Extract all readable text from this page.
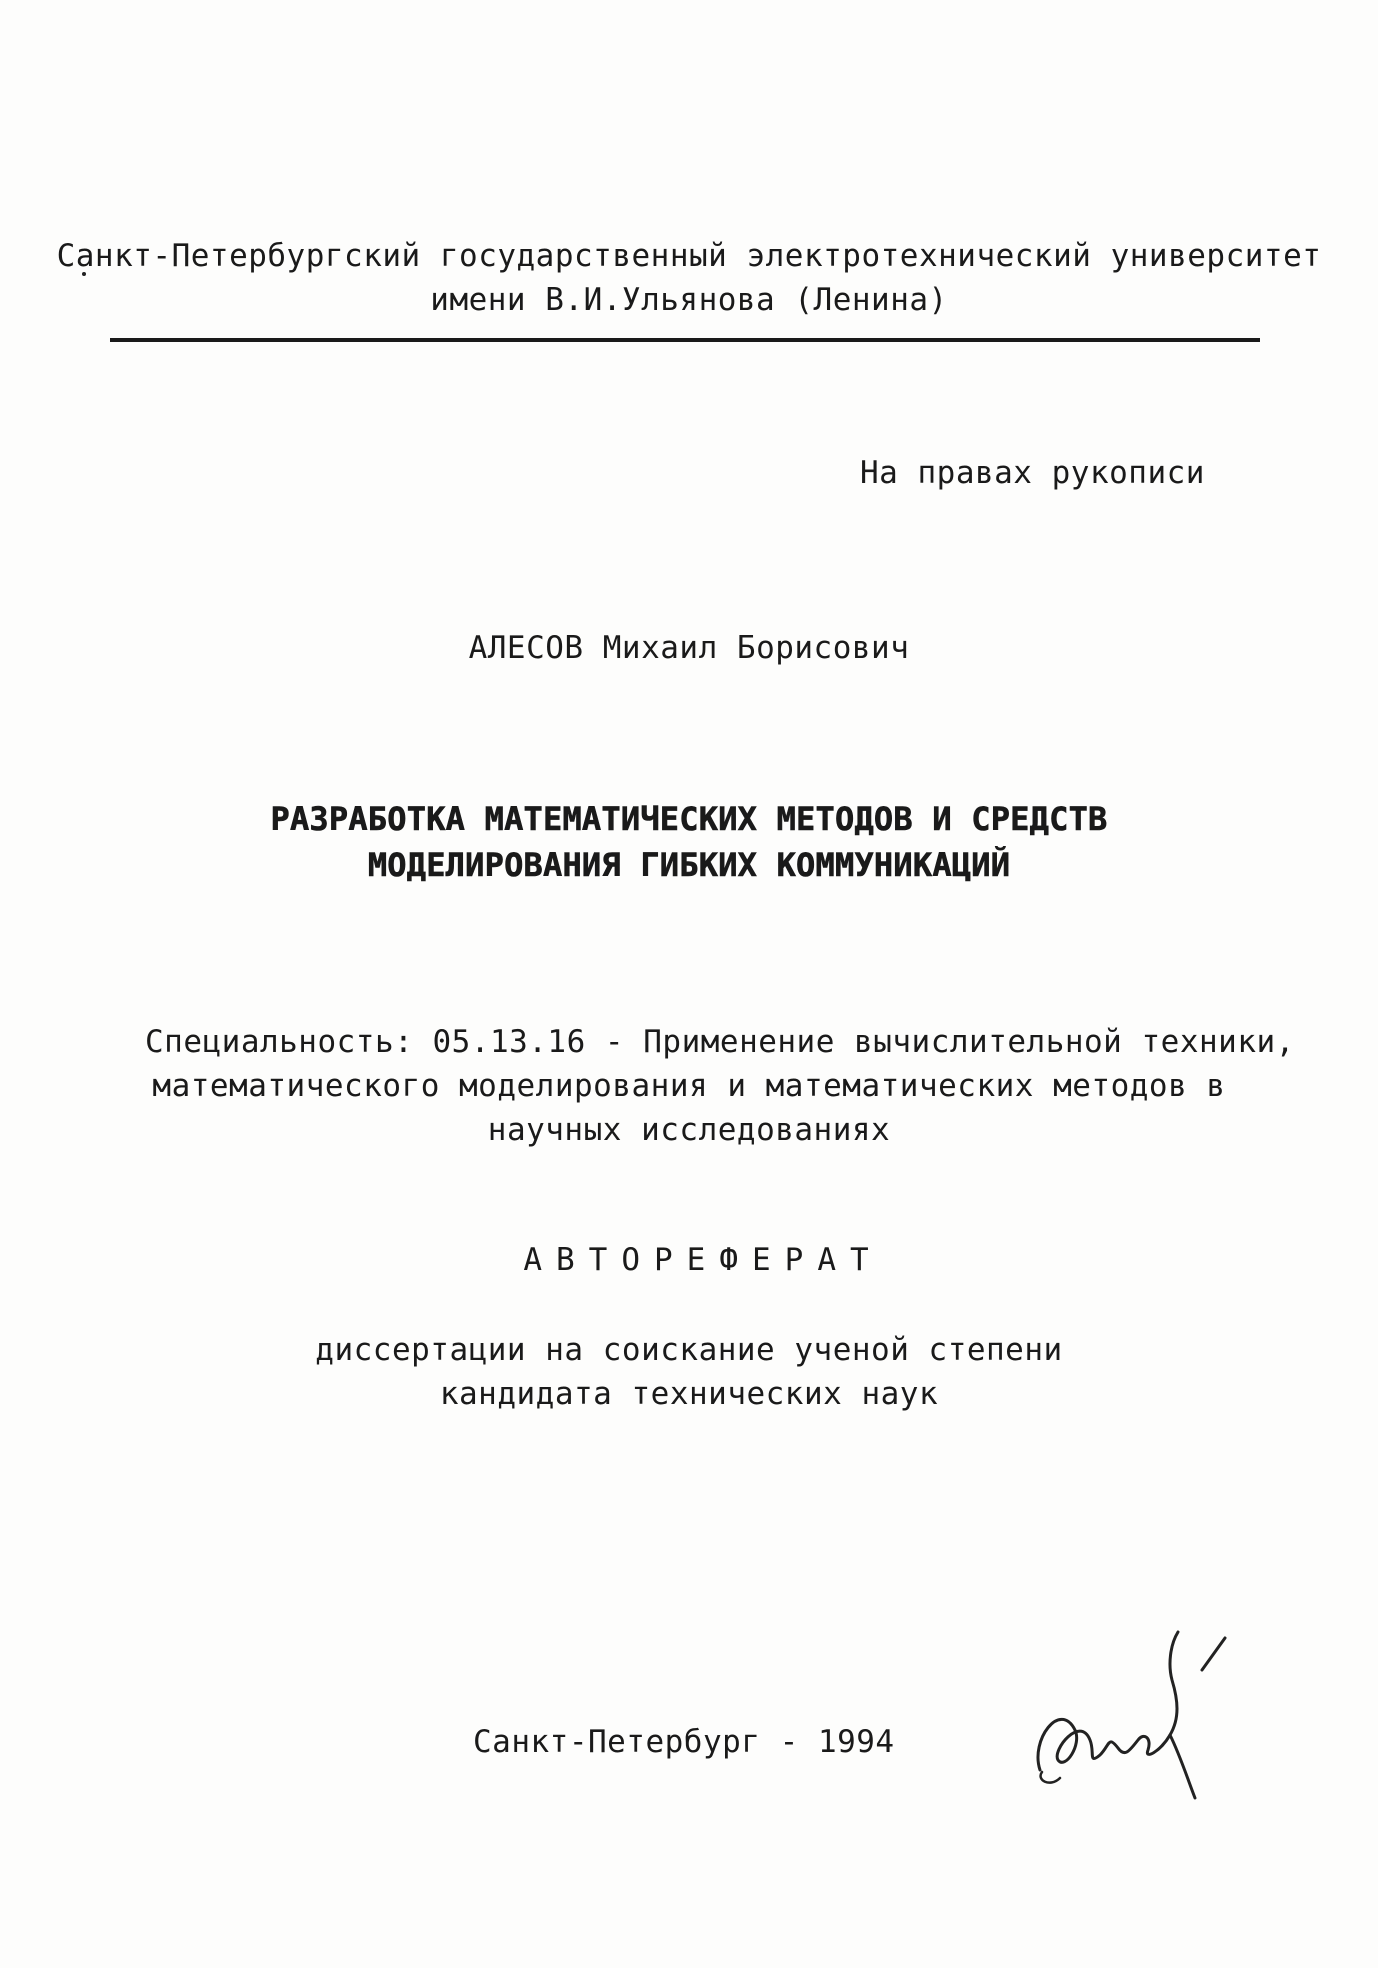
Санкт-Петербургский государственный электротехнический университет
имени В.И.Ульянова (Ленина)
На правах рукописи
АЛЕСОВ Михаил Борисович
РАЗРАБОТКА МАТЕМАТИЧЕСКИХ МЕТОДОВ И СРЕДСТВ
МОДЕЛИРОВАНИЯ ГИБКИХ КОММУНИКАЦИЙ
Специальность: 05.13.16 - Применение вычислительной техники,
математического моделирования и математических методов в
научных исследованиях
АВТОРЕФЕРАТ
диссертации на соискание ученой степени
кандидата технических наук
Санкт-Петербург - 1994
